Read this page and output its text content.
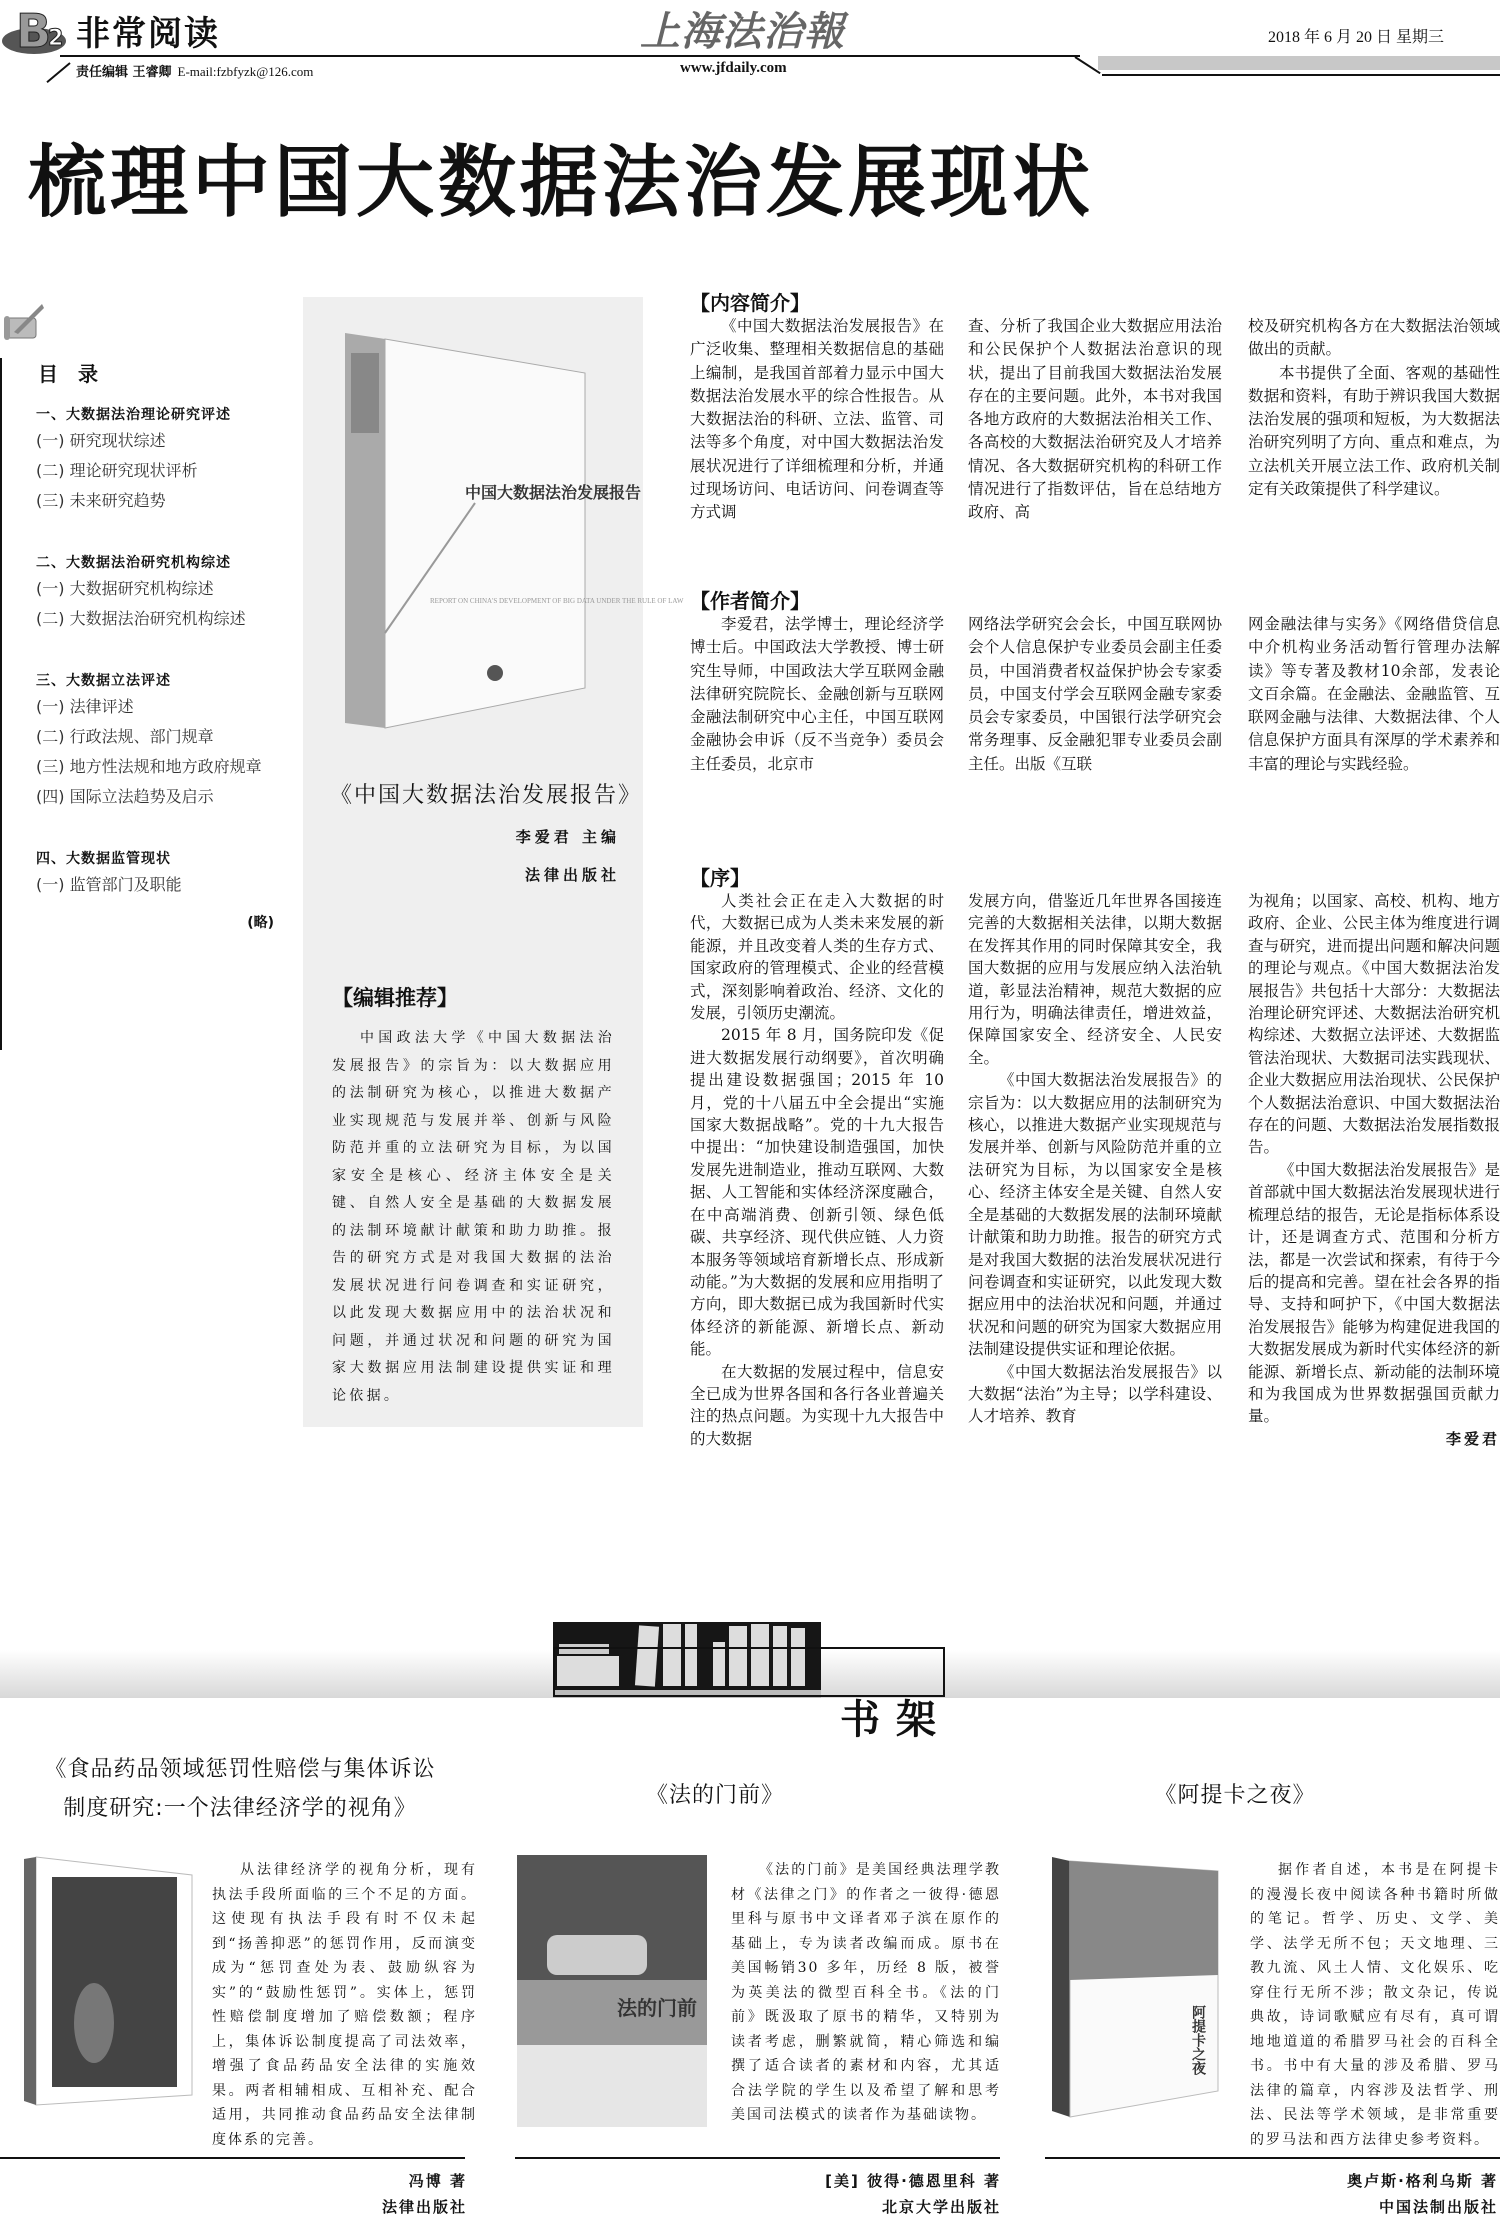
B
2 非常阅读
责任编辑 王睿卿 E-mail:fzbfyzk@126.com
上海法治報
www.jfdaily.com
2018 年 6 月 20 日 星期三
梳理中国大数据法治发展现状
目录
一、大数据法治理论研究评述
(一) 研究现状综述
(二) 理论研究现状评析
(三) 未来研究趋势
二、大数据法治研究机构综述
(一) 大数据研究机构综述
(二) 大数据法治研究机构综述
三、大数据立法评述
(一) 法律评述
(二) 行政法规、部门规章
(三) 地方性法规和地方政府规章
(四) 国际立法趋势及启示
四、大数据监管现状
(一) 监管部门及职能
(略)
中国大数据法治发展报告
REPORT ON CHINA'S DEVELOPMENT OF BIG DATA UNDER THE RULE OF LAW
《中国大数据法治发展报告》
李爱君 主编
法律出版社
【编辑推荐】
中国政法大学《中国大数据法治发展报告》的宗旨为：以大数据应用的法制研究为核心，以推进大数据产业实现规范与发展并举、创新与风险防范并重的立法研究为目标，为以国家安全是核心、经济主体安全是关键、自然人安全是基础的大数据发展的法制环境献计献策和助力助推。报告的研究方式是对我国大数据的法治发展状况进行问卷调查和实证研究，以此发现大数据应用中的法治状况和问题，并通过状况和问题的研究为国家大数据应用法制建设提供实证和理论依据。
【内容简介】
《中国大数据法治发展报告》在广泛收集、整理相关数据信息的基础上编制，是我国首部着力显示中国大数据法治发展水平的综合性报告。从大数据法治的科研、立法、监管、司法等多个角度，对中国大数据法治发展状况进行了详细梳理和分析，并通过现场访问、电话访问、问卷调查等方式调
查、分析了我国企业大数据应用法治和公民保护个人数据法治意识的现状，提出了目前我国大数据法治发展存在的主要问题。此外，本书对我国各地方政府的大数据法治相关工作、各高校的大数据法治研究及人才培养情况、各大数据研究机构的科研工作情况进行了指数评估，旨在总结地方政府、高

校及研究机构各方在大数据法治领域做出的贡献。

本书提供了全面、客观的基础性数据和资料，有助于辨识我国大数据法治发展的强项和短板，为大数据法治研究列明了方向、重点和难点，为立法机关开展立法工作、政府机关制定有关政策提供了科学建议。

【作者简介】
李爱君，法学博士，理论经济学博士后。中国政法大学教授、博士研究生导师，中国政法大学互联网金融法律研究院院长、金融创新与互联网金融法制研究中心主任，中国互联网金融协会申诉（反不当竞争）委员会主任委员，北京市
网络法学研究会会长，中国互联网协会个人信息保护专业委员会副主任委员，中国消费者权益保护协会专家委员，中国支付学会互联网金融专家委员会专家委员，中国银行法学研究会常务理事、反金融犯罪专业委员会副主任。出版《互联
网金融法律与实务》《网络借贷信息中介机构业务活动暂行管理办法解读》等专著及教材10余部，发表论文百余篇。在金融法、金融监管、互联网金融与法律、大数据法律、个人信息保护方面具有深厚的学术素养和丰富的理论与实践经验。
【序】

人类社会正在走入大数据的时代，大数据已成为人类未来发展的新能源，并且改变着人类的生存方式、国家政府的管理模式、企业的经营模式，深刻影响着政治、经济、文化的发展，引领历史潮流。

2015 年 8 月，国务院印发《促进大数据发展行动纲要》，首次明确提出建设数据强国；2015 年 10 月，党的十八届五中全会提出“实施国家大数据战略”。党的十九大报告中提出：“加快建设制造强国，加快发展先进制造业，推动互联网、大数据、人工智能和实体经济深度融合，在中高端消费、创新引领、绿色低碳、共享经济、现代供应链、人力资本服务等领域培育新增长点、形成新动能。”为大数据的发展和应用指明了方向，即大数据已成为我国新时代实体经济的新能源、新增长点、新动能。

在大数据的发展过程中，信息安全已成为世界各国和各行各业普遍关注的热点问题。为实现十九大报告中的大数据

发展方向，借鉴近几年世界各国接连完善的大数据相关法律，以期大数据在发挥其作用的同时保障其安全，我国大数据的应用与发展应纳入法治轨道，彰显法治精神，规范大数据的应用行为，明确法律责任，增进效益，保障国家安全、经济安全、人民安全。

《中国大数据法治发展报告》的宗旨为：以大数据应用的法制研究为核心，以推进大数据产业实现规范与发展并举、创新与风险防范并重的立法研究为目标，为以国家安全是核心、经济主体安全是关键、自然人安全是基础的大数据发展的法制环境献计献策和助力助推。报告的研究方式是对我国大数据的法治发展状况进行问卷调查和实证研究，以此发现大数据应用中的法治状况和问题，并通过状况和问题的研究为国家大数据应用法制建设提供实证和理论依据。

《中国大数据法治发展报告》以大数据“法治”为主导；以学科建设、人才培养、教育

为视角；以国家、高校、机构、地方政府、企业、公民主体为维度进行调查与研究，进而提出问题和解决问题的理论与观点。《中国大数据法治发展报告》共包括十大部分：大数据法治理论研究评述、大数据法治研究机构综述、大数据立法评述、大数据监管法治现状、大数据司法实践现状、企业大数据应用法治现状、公民保护个人数据法治意识、中国大数据法治存在的问题、大数据法治发展指数报告。

《中国大数据法治发展报告》是首部就中国大数据法治发展现状进行梳理总结的报告，无论是指标体系设计，还是调查方式、范围和分析方法，都是一次尝试和探索，有待于今后的提高和完善。望在社会各界的指导、支持和呵护下，《中国大数据法治发展报告》能够为构建促进我国的大数据发展成为新时代实体经济的新能源、新增长点、新动能的法制环境和为我国成为世界数据强国贡献力量。

李爱君
书架
《食品药品领域惩罚性赔偿与集体诉讼
制度研究:一个法律经济学的视角》
从法律经济学的视角分析，现有执法手段所面临的三个不足的方面。这使现有执法手段有时不仅未起到“扬善抑恶”的惩罚作用，反而演变成为“惩罚查处为表、鼓励纵容为实”的“鼓励性惩罚”。实体上，惩罚性赔偿制度增加了赔偿数额；程序上，集体诉讼制度提高了司法效率，增强了食品药品安全法律的实施效果。两者相辅相成、互相补充、配合适用，共同推动食品药品安全法律制度体系的完善。
冯博 著
法律出版社
《法的门前》
法的门前
《法的门前》是美国经典法理学教材《法律之门》的作者之一彼得·德恩里科与原书中文译者邓子滨在原作的基础上，专为读者改编而成。原书在美国畅销30 多年，历经 8 版，被誉为英美法的微型百科全书。《法的门前》既汲取了原书的精华，又特别为读者考虑，删繁就简，精心筛选和编撰了适合读者的素材和内容，尤其适合法学院的学生以及希望了解和思考美国司法模式的读者作为基础读物。
[美] 彼得·德恩里科 著
北京大学出版社
《阿提卡之夜》
阿提卡之夜
据作者自述，本书是在阿提卡的漫漫长夜中阅读各种书籍时所做的笔记。哲学、历史、文学、美学、法学无所不包；天文地理、三教九流、风土人情、文化娱乐、吃穿住行无所不涉；散文杂记，传说典故，诗词歌赋应有尽有，真可谓地地道道的希腊罗马社会的百科全书。书中有大量的涉及希腊、罗马法律的篇章，内容涉及法哲学、刑法、民法等学术领域，是非常重要的罗马法和西方法律史参考资料。
奥卢斯·格利乌斯 著
中国法制出版社
